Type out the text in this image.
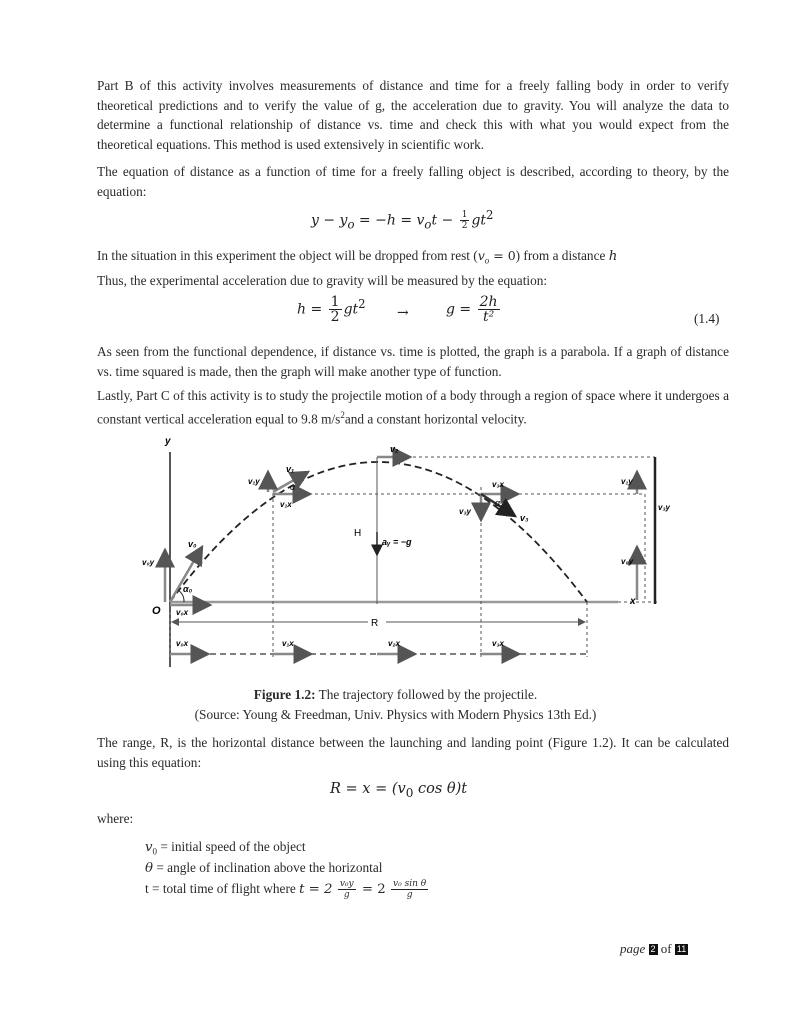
Part B of this activity involves measurements of distance and time for a freely falling body in order to verify theoretical predictions and to verify the value of g, the acceleration due to gravity. You will analyze the data to determine a functional relationship of distance vs. time and check this with what you would expect from the theoretical equations. This method is used extensively in scientific work.

The equation of distance as a function of time for a freely falling object is described, according to theory, by the equation:

$y - y_o = -h = v_ot - \frac{1}{2} gt^2$

In the situation in this experiment the object will be dropped from rest $(v_o = 0)$ from a distance h
Thus, the experimental acceleration due to gravity will be measured by the equation:

$h = \frac{1}{2} gt^2$
→	$g = \frac{2h}{\text{t²}}$	(1.4)

As seen from the functional dependence, if distance vs. time is plotted, the graph is a parabola. If a graph of distance vs. time squared is made, then the graph will make another type of function.

Lastly, Part C of this activity is to study the projectile motion of a body through a region of space where it undergoes a constant vertical acceleration equal to 9.8 $m/s^2and$ a constant horizontal velocity.

y
x
O
v₁y
v₃y
v₀y
v₀
v₀y
v₀x
α₀
v₁
v₁y
v₁x
α
v₂
H
aᵧ = −g
v₃x
v₃y
v₃
α
R
v₀x	v₁x	v₂x	v₃x

Figure 1.2: The trajectory followed by the projectile.
(Source: Young & Freedman, Univ. Physics with Modern Physics 13th Ed.)

The range, R, is the horizontal distance between the launching and landing point (Figure 1.2). It can be calculated using this equation:

$R = x = (v_0$ cos θ)t

where:

$v_0$ = initial speed of the object
θ = angle of inclination above the horizontal
t = total time of flight where $t = 2 \frac{\text{v₀y}}{g} = 2 \frac{\text{v₀ sin θ}}{g}$
page 2 of 11
